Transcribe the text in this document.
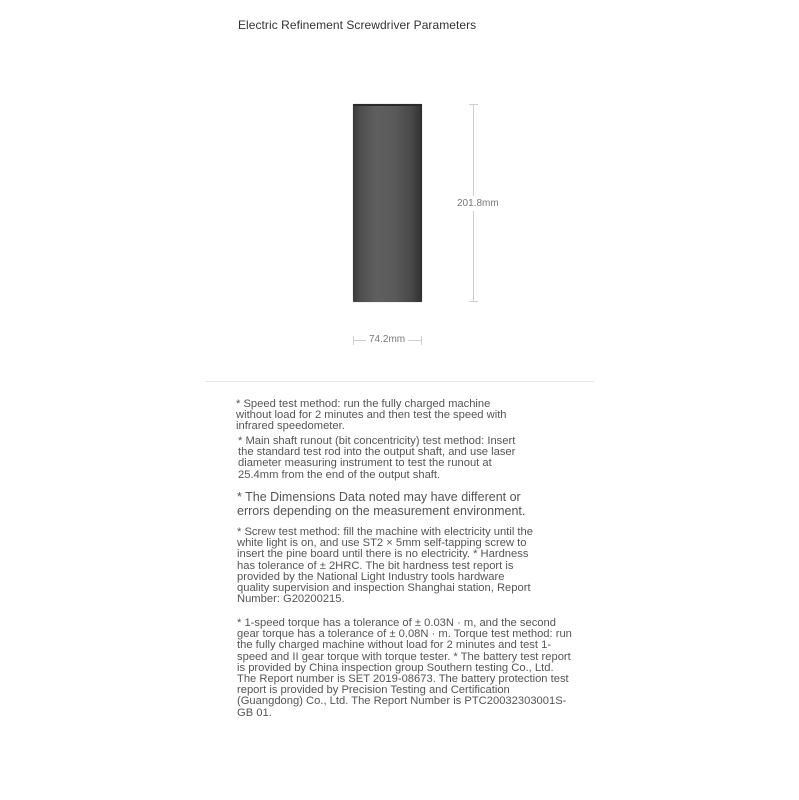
Electric Refinement Screwdriver Parameters
201.8mm
74.2mm

* Speed test method: run the fully charged machine
without load for 2 minutes and then test the speed with
infrared speedometer.

* Main shaft runout (bit concentricity) test method: Insert
the standard test rod into the output shaft, and use laser
diameter measuring instrument to test the runout at
25.4mm from the end of the output shaft.

* The Dimensions Data noted may have different or
errors depending on the measurement environment.

* Screw test method: fill the machine with electricity until the
white light is on, and use ST2 × 5mm self-tapping screw to
insert the pine board until there is no electricity. * Hardness
has tolerance of ± 2HRC. The bit hardness test report is
provided by the National Light Industry tools hardware
quality supervision and inspection Shanghai station, Report
Number: G20200215.

* 1-speed torque has a tolerance of ± 0.03N · m, and the second
gear torque has a tolerance of ± 0.08N · m. Torque test method: run
the fully charged machine without load for 2 minutes and test 1-
speed and II gear torque with torque tester. * The battery test report
is provided by China inspection group Southern testing Co., Ltd.
The Report number is SET 2019-08673. The battery protection test
report is provided by Precision Testing and Certification
(Guangdong) Co., Ltd. The Report Number is PTC20032303001S-
GB 01.
